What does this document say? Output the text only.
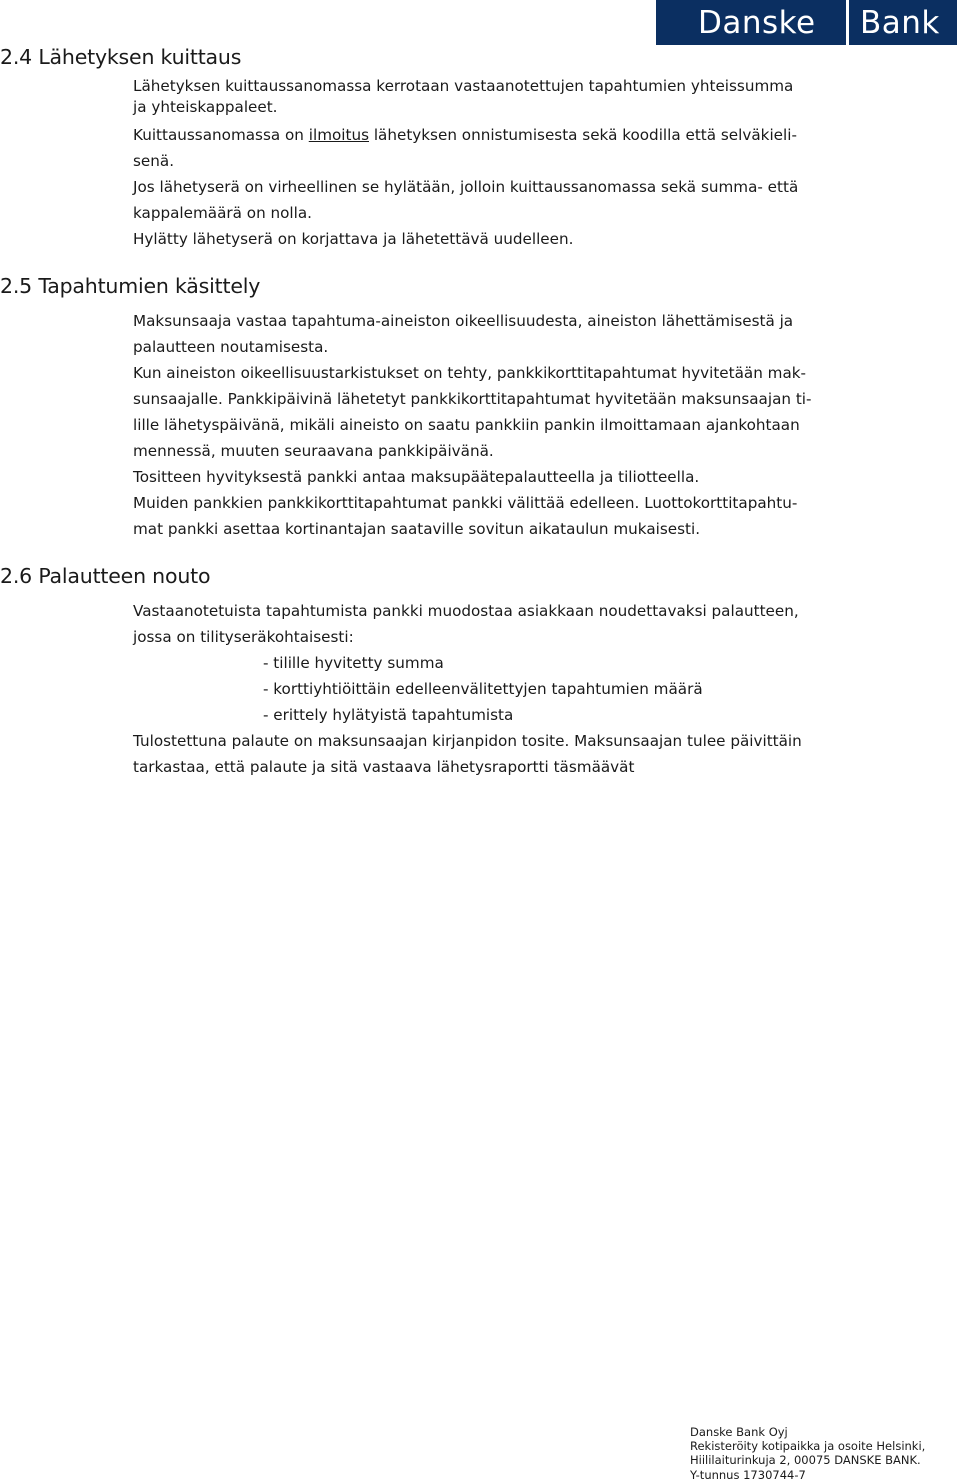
Danske Bank
2.4 Lähetyksen kuittaus
Lähetyksen kuittaussanomassa kerrotaan vastaanotettujen tapahtumien yhteissumma
ja yhteiskappaleet.
Kuittaussanomassa on ilmoitus lähetyksen onnistumisesta sekä koodilla että selväkieli-
senä.
Jos lähetyserä on virheellinen se hylätään, jolloin kuittaussanomassa sekä summa- että
kappalemäärä on nolla.
Hylätty lähetyserä on korjattava ja lähetettävä uudelleen.
2.5 Tapahtumien käsittely
Maksunsaaja vastaa tapahtuma-aineiston oikeellisuudesta, aineiston lähettämisestä ja
palautteen noutamisesta.
Kun aineiston oikeellisuustarkistukset on tehty, pankkikorttitapahtumat hyvitetään mak-
sunsaajalle. Pankkipäivinä lähetetyt pankkikorttitapahtumat hyvitetään maksunsaajan ti-
lille lähetyspäivänä, mikäli aineisto on saatu pankkiin pankin ilmoittamaan ajankohtaan
mennessä, muuten seuraavana pankkipäivänä.
Tositteen hyvityksestä pankki antaa maksupäätepalautteella ja tiliotteella.
Muiden pankkien pankkikorttitapahtumat pankki välittää edelleen. Luottokorttitapahtu-
mat pankki asettaa kortinantajan saataville sovitun aikataulun mukaisesti.
2.6 Palautteen nouto
Vastaanotetuista tapahtumista pankki muodostaa asiakkaan noudettavaksi palautteen,
jossa on tilityseräkohtaisesti:
- tilille hyvitetty summa
- korttiyhtiöittäin edelleenvälitettyjen tapahtumien määrä
- erittely hylätyistä tapahtumista
Tulostettuna palaute on maksunsaajan kirjanpidon tosite. Maksunsaajan tulee päivittäin
tarkastaa, että palaute ja sitä vastaava lähetysraportti täsmäävät
Danske Bank Oyj
Rekisteröity kotipaikka ja osoite Helsinki,
Hiililaiturinkuja 2, 00075 DANSKE BANK.
Y-tunnus 1730744-7
